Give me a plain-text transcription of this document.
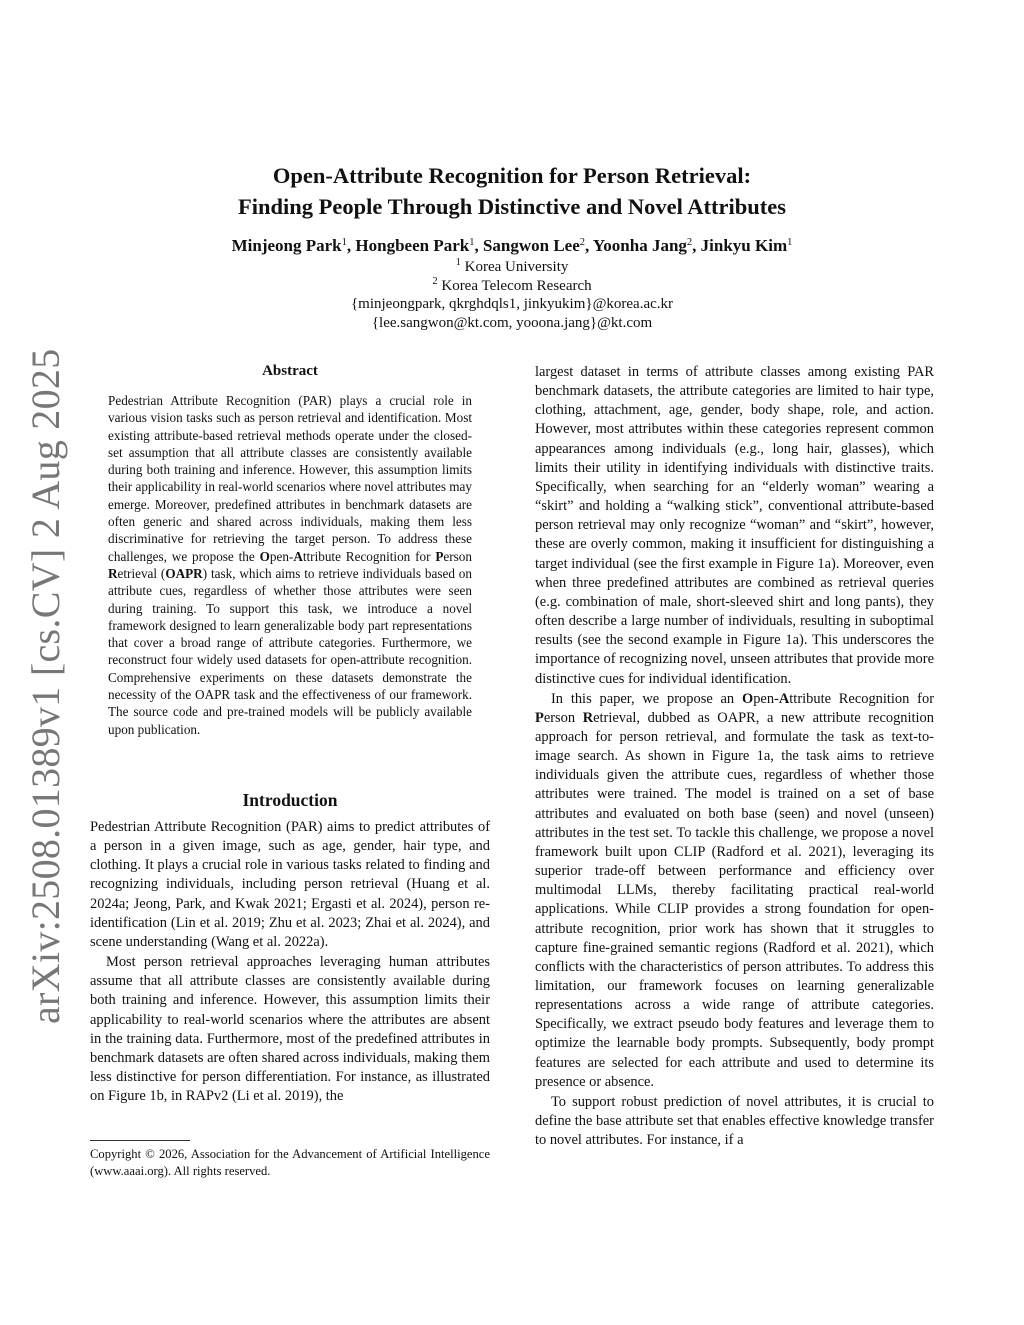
arXiv:2508.01389v1 [cs.CV] 2 Aug 2025
Open-Attribute Recognition for Person Retrieval:
Finding People Through Distinctive and Novel Attributes
Minjeong Park$^1$, Hongbeen Park$^1$, Sangwon Lee$^2$, Yoonha Jang$^2$, Jinkyu Kim$^1$
$^1$ Korea University
$^2$ Korea Telecom Research
{minjeongpark, qkrghdqls1, jinkyukim}@korea.ac.kr
{lee.sangwon@kt.com, yooona.jang}@kt.com
Abstract
Pedestrian Attribute Recognition (PAR) plays a crucial role in various vision tasks such as person retrieval and identification. Most existing attribute-based retrieval methods operate under the closed-set assumption that all attribute classes are consistently available during both training and inference. However, this assumption limits their applicability in real-world scenarios where novel attributes may emerge. Moreover, predefined attributes in benchmark datasets are often generic and shared across individuals, making them less discriminative for retrieving the target person. To address these challenges, we propose the Open-Attribute Recognition for Person Retrieval (OAPR) task, which aims to retrieve individuals based on attribute cues, regardless of whether those attributes were seen during training. To support this task, we introduce a novel framework designed to learn generalizable body part representations that cover a broad range of attribute categories. Furthermore, we reconstruct four widely used datasets for open-attribute recognition. Comprehensive experiments on these datasets demonstrate the necessity of the OAPR task and the effectiveness of our framework. The source code and pre-trained models will be publicly available upon publication.
Introduction

Pedestrian Attribute Recognition (PAR) aims to predict attributes of a person in a given image, such as age, gender, hair type, and clothing. It plays a crucial role in various tasks related to finding and recognizing individuals, including person retrieval (Huang et al. 2024a; Jeong, Park, and Kwak 2021; Ergasti et al. 2024), person re-identification (Lin et al. 2019; Zhu et al. 2023; Zhai et al. 2024), and scene understanding (Wang et al. 2022a).

Most person retrieval approaches leveraging human attributes assume that all attribute classes are consistently available during both training and inference. However, this assumption limits their applicability to real-world scenarios where the attributes are absent in the training data. Furthermore, most of the predefined attributes in benchmark datasets are often shared across individuals, making them less distinctive for person differentiation. For instance, as illustrated on Figure 1b, in RAPv2 (Li et al. 2019), the

Copyright © 2026, Association for the Advancement of Artificial Intelligence (www.aaai.org). All rights reserved.

largest dataset in terms of attribute classes among existing PAR benchmark datasets, the attribute categories are limited to hair type, clothing, attachment, age, gender, body shape, role, and action. However, most attributes within these categories represent common appearances among individuals (e.g., long hair, glasses), which limits their utility in identifying individuals with distinctive traits. Specifically, when searching for an “elderly woman” wearing a “skirt” and holding a “walking stick”, conventional attribute-based person retrieval may only recognize “woman” and “skirt”, however, these are overly common, making it insufficient for distinguishing a target individual (see the first example in Figure 1a). Moreover, even when three predefined attributes are combined as retrieval queries (e.g. combination of male, short-sleeved shirt and long pants), they often describe a large number of individuals, resulting in suboptimal results (see the second example in Figure 1a). This underscores the importance of recognizing novel, unseen attributes that provide more distinctive cues for individual identification.

In this paper, we propose an Open-Attribute Recognition for Person Retrieval, dubbed as OAPR, a new attribute recognition approach for person retrieval, and formulate the task as text-to-image search. As shown in Figure 1a, the task aims to retrieve individuals given the attribute cues, regardless of whether those attributes were trained. The model is trained on a set of base attributes and evaluated on both base (seen) and novel (unseen) attributes in the test set. To tackle this challenge, we propose a novel framework built upon CLIP (Radford et al. 2021), leveraging its superior trade-off between performance and efficiency over multimodal LLMs, thereby facilitating practical real-world applications. While CLIP provides a strong foundation for open-attribute recognition, prior work has shown that it struggles to capture fine-grained semantic regions (Radford et al. 2021), which conflicts with the characteristics of person attributes. To address this limitation, our framework focuses on learning generalizable representations across a wide range of attribute categories. Specifically, we extract pseudo body features and leverage them to optimize the learnable body prompts. Subsequently, body prompt features are selected for each attribute and used to determine its presence or absence.

To support robust prediction of novel attributes, it is crucial to define the base attribute set that enables effective knowledge transfer to novel attributes. For instance, if a
